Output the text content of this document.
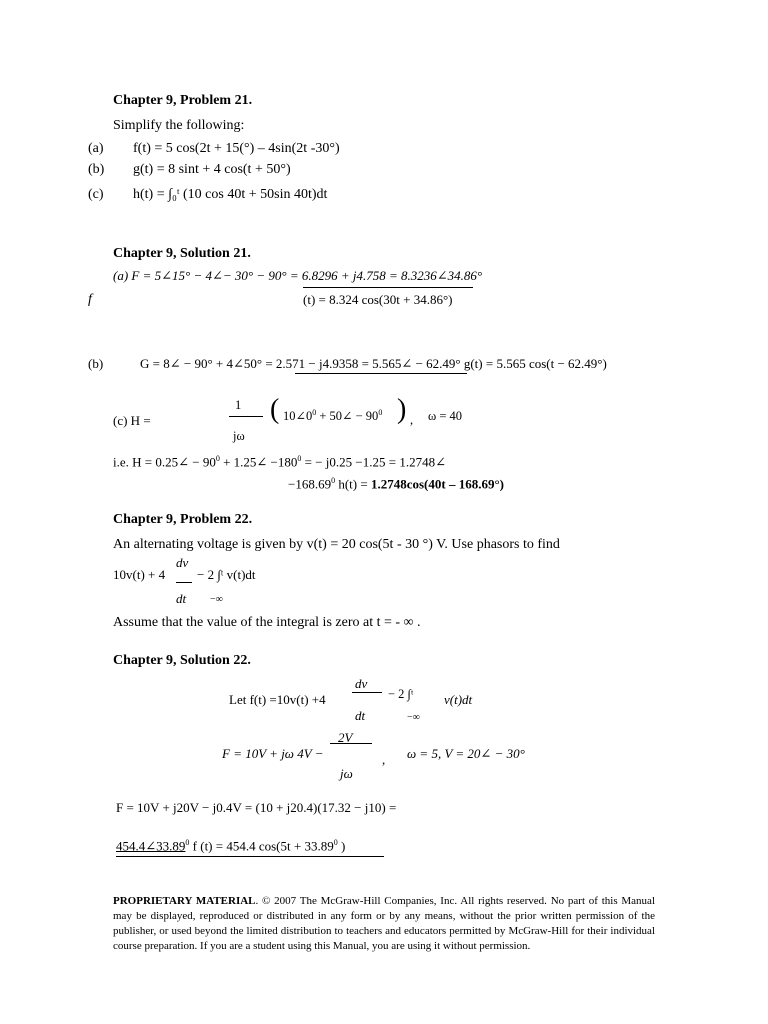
Chapter 9, Problem 21.
Simplify the following:
(a) f(t) = 5 cos(2t + 15(°) – 4sin(2t -30°)
(b) g(t) = 8 sint + 4 cos(t + 50°)
(c) h(t) = ∫₀ᵗ (10 cos 40t + 50sin 40t)dt
Chapter 9, Solution 21.
(a) F = 5∠15° − 4∠− 30° − 90° = 6.8296 + j4.758 = 8.3236∠34.86°
f	(t) = 8.324 cos(30t + 34.86°)
(b)	G = 8∠ − 90° + 4∠50° = 2.571 − j4.9358 = 5.565∠ − 62.49° g(t) = 5.565 cos(t − 62.49°)
(c) H =
1
jω
( $10\angle 0^0$ + 50∠ − $90^0$ ) , ω = 40
i.e. H = 0.25∠ − $90^0$ + 1.25∠ $-180^0$ = − j0.25 −1.25 = 1.2748∠
$-168.69^0$ h(t) = 1.2748cos(40t – 168.69°)
Chapter 9, Problem 22.
An alternating voltage is given by v(t) = 20 cos(5t - 30 °) V. Use phasors to find
dv
10v(t) + 4 − 2 ∫ᵗ v(t)dt
dt −∞
Assume that the value of the integral is zero at t = - ∞ .
Chapter 9, Solution 22.
dv
Let f(t) =10v(t) +4	− 2 ∫ᵗ v(t)dt
dt	−∞
2V
F = 10V + jω 4V −	, ω = 5, V = 20∠ − 30°
jω
F = 10V + j20V − j0.4V = (10 + j20.4)(17.32 − j10) =
$454.4\angle 33.89^0$ f (t) = 454.4 $\cos(5t + 33.89^0$ )
PROPRIETARY MATERIAL. © 2007 The McGraw-Hill Companies, Inc. All rights reserved. No part of this Manual may be displayed, reproduced or distributed in any form or by any means, without the prior written permission of the publisher, or used beyond the limited distribution to teachers and educators permitted by McGraw-Hill for their individual course preparation. If you are a student using this Manual, you are using it without permission.
